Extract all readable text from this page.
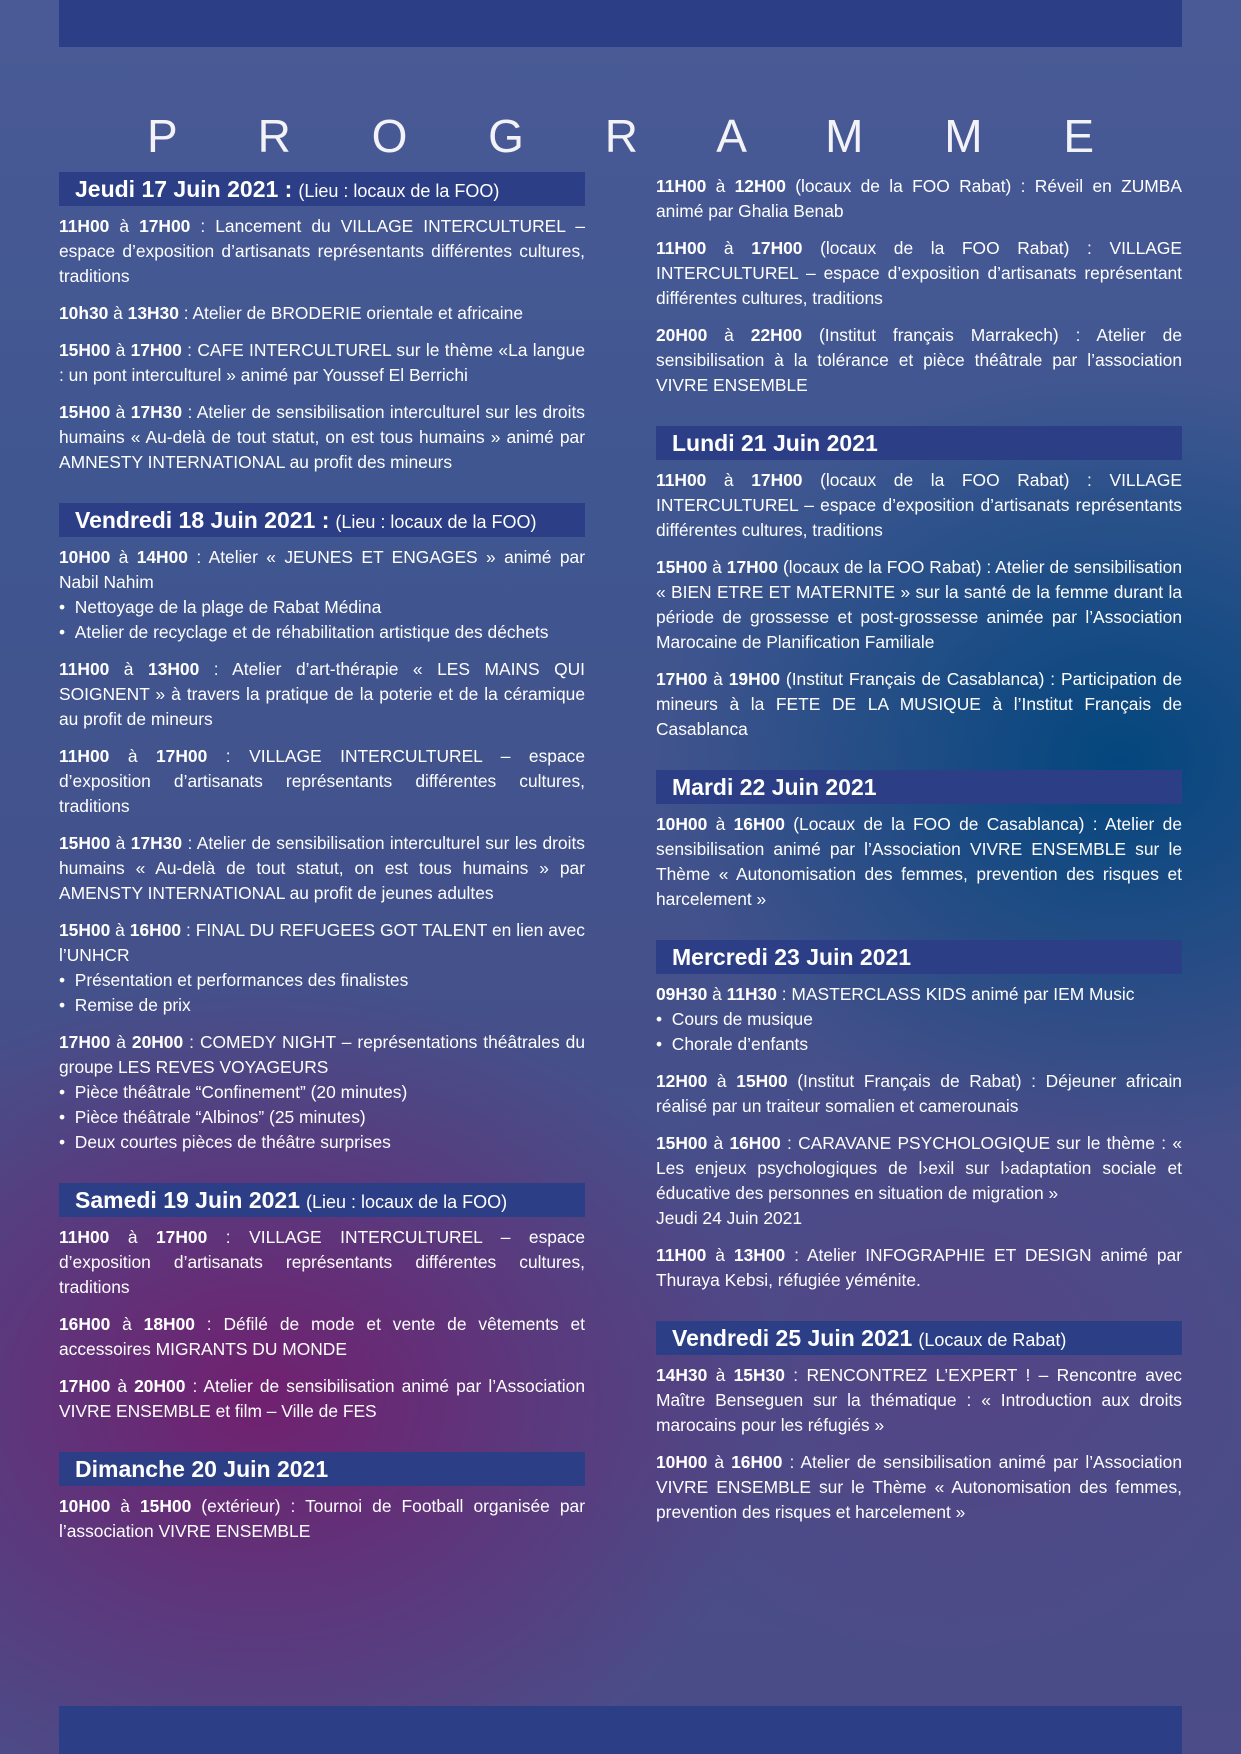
P R O G R A M M E
Jeudi 17 Juin 2021 : (Lieu : locaux de la FOO)
11H00 à 17H00 : Lancement du VILLAGE INTERCULTUREL – espace d’exposition d’artisanats représentants différentes cultures, traditions
10h30 à 13H30 : Atelier de BRODERIE orientale et africaine
15H00 à 17H00 : CAFE INTERCULTUREL sur le thème «La langue : un pont interculturel » animé par Youssef El Berrichi
15H00 à 17H30 : Atelier de sensibilisation interculturel sur les droits humains « Au-delà de tout statut, on est tous humains » animé par AMNESTY INTERNATIONAL au profit des mineurs
Vendredi 18 Juin 2021 : (Lieu : locaux de la FOO)
10H00 à 14H00 : Atelier « JEUNES ET ENGAGES » animé par Nabil Nahim
•  Nettoyage de la plage de Rabat Médina
•  Atelier de recyclage et de réhabilitation artistique des déchets
11H00 à 13H00 : Atelier d’art-thérapie « LES MAINS QUI SOIGNENT » à travers la pratique de la poterie et de la céramique au profit de mineurs
11H00 à 17H00 : VILLAGE INTERCULTUREL – espace d’exposition d’artisanats représentants différentes cultures, traditions
15H00 à 17H30 : Atelier de sensibilisation interculturel sur les droits humains « Au-delà de tout statut, on est tous humains » par AMENSTY INTERNATIONAL au profit de jeunes adultes
15H00 à 16H00 : FINAL DU REFUGEES GOT TALENT en lien avec l’UNHCR
•  Présentation et performances des finalistes
•  Remise de prix
17H00 à 20H00 : COMEDY NIGHT – représentations théâtrales du groupe LES REVES VOYAGEURS
•  Pièce théâtrale “Confinement” (20 minutes)
•  Pièce théâtrale “Albinos” (25 minutes)
•  Deux courtes pièces de théâtre surprises
Samedi 19 Juin 2021 (Lieu : locaux de la FOO)
11H00 à 17H00 : VILLAGE INTERCULTUREL – espace d’exposition d’artisanats représentants différentes cultures, traditions
16H00 à 18H00 : Défilé de mode et vente de vêtements et accessoires MIGRANTS DU MONDE
17H00 à 20H00 : Atelier de sensibilisation animé par l’Association VIVRE ENSEMBLE et film – Ville de FES
Dimanche 20 Juin 2021
10H00 à 15H00 (extérieur) : Tournoi de Football organisée par l’association VIVRE ENSEMBLE
11H00 à 12H00 (locaux de la FOO Rabat) : Réveil en ZUMBA animé par Ghalia Benab
11H00 à 17H00 (locaux de la FOO Rabat) : VILLAGE INTERCULTUREL – espace d’exposition d’artisanats représentant différentes cultures, traditions
20H00 à 22H00 (Institut français Marrakech) : Atelier de sensibilisation à la tolérance et pièce théâtrale par l’association VIVRE ENSEMBLE
Lundi 21 Juin 2021
11H00 à 17H00 (locaux de la FOO Rabat) : VILLAGE INTERCULTUREL – espace d’exposition d’artisanats représentants différentes cultures, traditions
15H00 à 17H00 (locaux de la FOO Rabat) : Atelier de sensibilisation « BIEN ETRE ET MATERNITE » sur la santé de la femme durant la période de grossesse et post-grossesse animée par l’Association Marocaine de Planification Familiale
17H00 à 19H00 (Institut Français de Casablanca) : Participation de mineurs à la FETE DE LA MUSIQUE à l’Institut Français de Casablanca
Mardi 22 Juin 2021
10H00 à 16H00 (Locaux de la FOO de Casablanca) : Atelier de sensibilisation animé par l’Association VIVRE ENSEMBLE sur le Thème « Autonomisation des femmes, prevention des risques et harcelement »
Mercredi 23 Juin 2021
09H30 à 11H30 : MASTERCLASS KIDS animé par IEM Music
•  Cours de musique
•  Chorale d’enfants
12H00 à 15H00 (Institut Français de Rabat) : Déjeuner africain réalisé par un traiteur somalien et camerounais
15H00 à 16H00 : CARAVANE PSYCHOLOGIQUE sur le thème : « Les enjeux psychologiques de l›exil sur l›adaptation sociale et éducative des personnes en situation de migration »
Jeudi 24 Juin 2021
11H00 à 13H00 : Atelier INFOGRAPHIE ET DESIGN animé par Thuraya Kebsi, réfugiée yéménite.
Vendredi 25 Juin 2021 (Locaux de Rabat)
14H30 à 15H30 : RENCONTREZ L’EXPERT ! – Rencontre avec Maître Benseguen sur la thématique : « Introduction aux droits marocains pour les réfugiés »
10H00 à 16H00 : Atelier de sensibilisation animé par l’Association VIVRE ENSEMBLE sur le Thème « Autonomisation des femmes, prevention des risques et harcelement »
